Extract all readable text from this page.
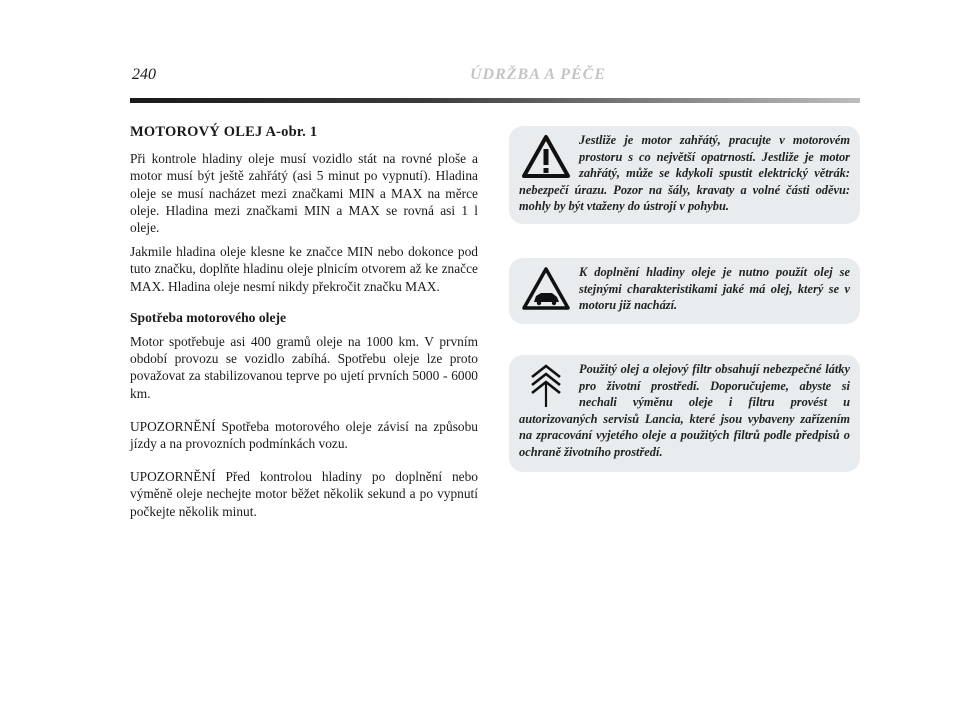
240	ÚDRŽBA A PÉČE
MOTOROVÝ OLEJ A-obr. 1

Při kontrole hladiny oleje musí vozidlo stát na rovné ploše a motor musí být ještě zahřátý (asi 5 minut po vypnutí). Hladina oleje se musí nacházet mezi značkami MIN a MAX na měrce oleje. Hladina mezi značkami MIN a MAX se rovná asi 1 l oleje.

Jakmile hladina oleje klesne ke značce MIN nebo dokonce pod tuto značku, doplňte hladinu oleje plnicím otvorem až ke značce MAX. Hladina oleje nesmí nikdy překročit značku MAX.

Spotřeba motorového oleje

Motor spotřebuje asi 400 gramů oleje na 1000 km. V prvním období provozu se vozidlo zabíhá. Spotřebu oleje lze proto považovat za stabilizovanou teprve po ujetí prvních 5000 - 6000 km.

UPOZORNĚNÍ Spotřeba motorového oleje závisí na způsobu jízdy a na provozních podmínkách vozu.

UPOZORNĚNÍ Před kontrolou hladiny po doplnění nebo výměně oleje nechejte motor běžet několik sekund a po vypnutí počkejte několik minut.

Jestliže je motor zahřátý, pracujte v motorovém prostoru s co největší opatrností. Jestliže je motor zahřátý, může se kdykoli spustit elektrický větrák: nebezpečí úrazu. Pozor na šály, kravaty a volné části oděvu: mohly by být vtaženy do ústrojí v pohybu.
K doplnění hladiny oleje je nutno použít olej se stejnými charakteristikami jaké má olej, který se v motoru již nachází.
Použitý olej a olejový filtr obsahují nebezpečné látky pro životní prostředí. Doporučujeme, abyste si nechali výměnu oleje i filtru provést u autorizovaných servisů Lancia, které jsou vybaveny zařízením na zpracování vyjetého oleje a použitých filtrů podle předpisů o ochraně životního prostředí.
